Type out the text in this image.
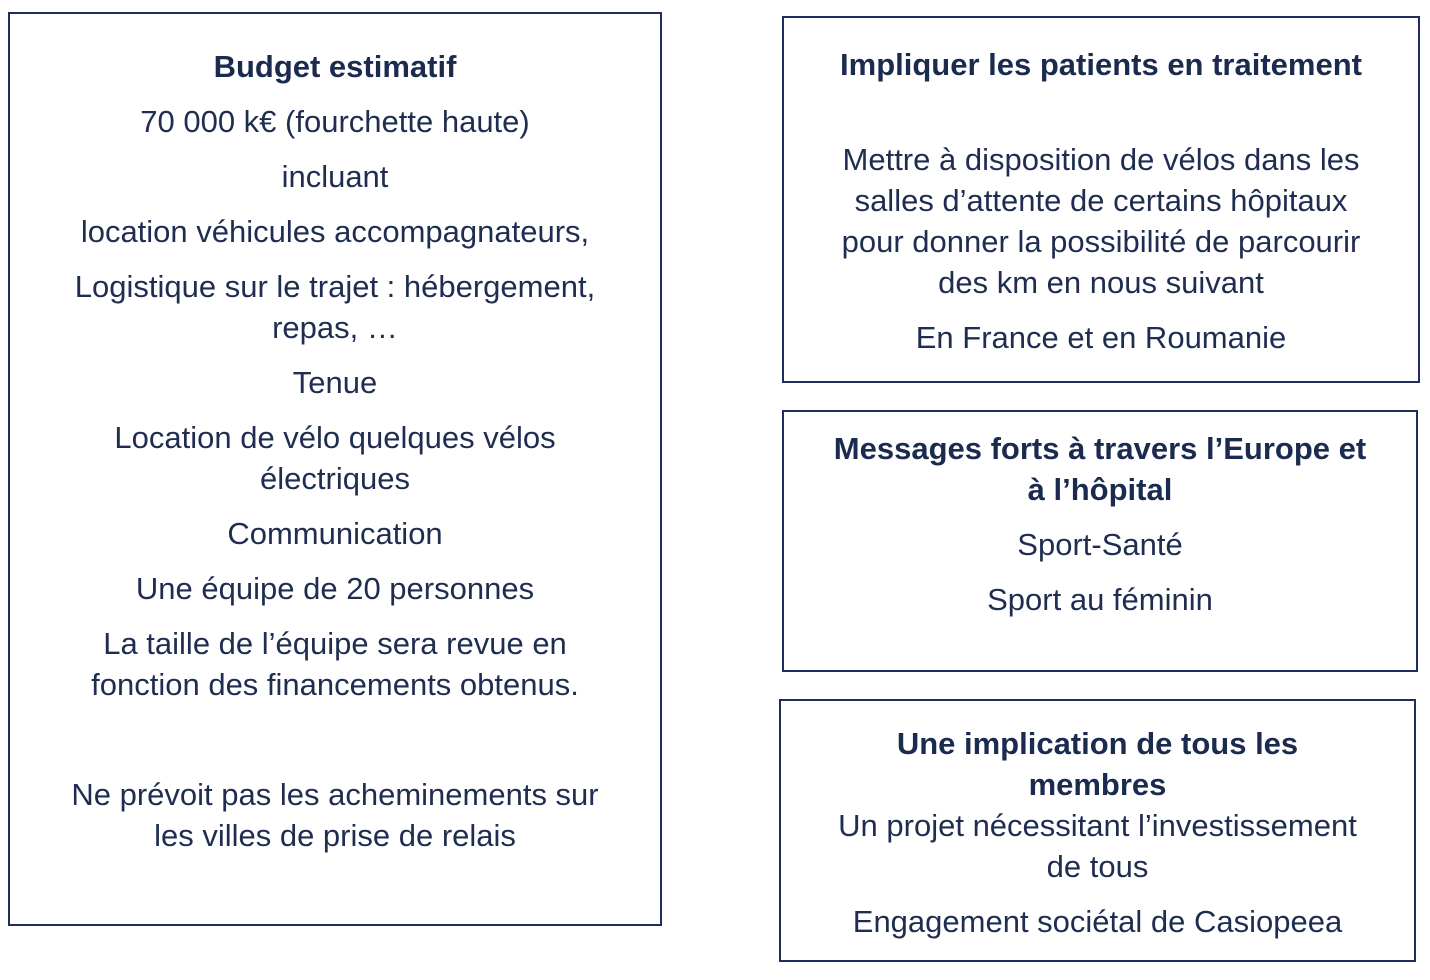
Budget estimatif
70 000 k€ (fourchette haute)
incluant
location véhicules accompagnateurs,
Logistique sur le trajet : hébergement,
repas, …
Tenue
Location de vélo quelques vélos
électriques
Communication
Une équipe de 20 personnes
La taille de l’équipe sera revue en
fonction des financements obtenus.
Ne prévoit pas les acheminements sur
les villes de prise de relais
Impliquer les patients en traitement
Mettre à disposition de vélos dans les
salles d’attente de certains hôpitaux
pour donner la possibilité de parcourir
des km en nous suivant
En France et en Roumanie
Messages forts à travers l’Europe et
à l’hôpital
Sport-Santé
Sport au féminin
Une implication de tous les
membres
Un projet nécessitant l’investissement
de tous
Engagement sociétal de Casiopeea
